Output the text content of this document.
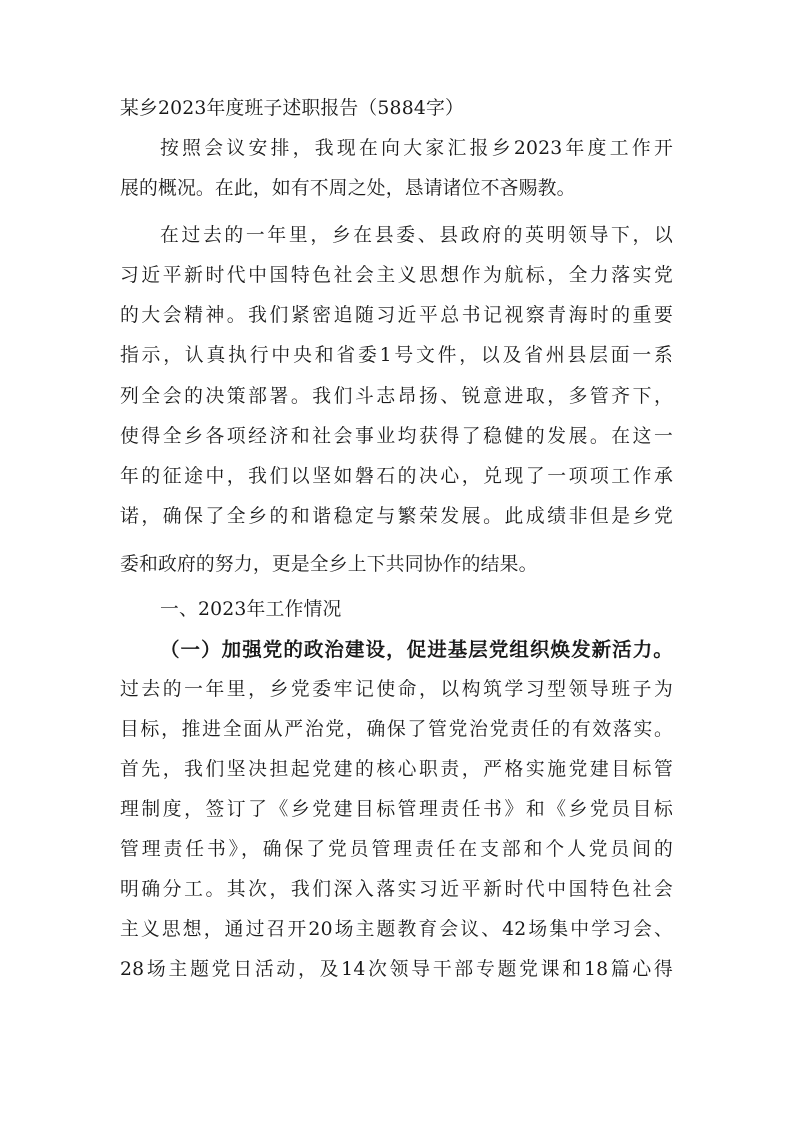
某乡2023年度班子述职报告（5884字）

按照会议安排，我现在向大家汇报乡2023年度工作开

展的概况。在此，如有不周之处，恳请诸位不吝赐教。

在过去的一年里，乡在县委、县政府的英明领导下，以

习近平新时代中国特色社会主义思想作为航标，全力落实党

的大会精神。我们紧密追随习近平总书记视察青海时的重要

指示，认真执行中央和省委1号文件，以及省州县层面一系

列全会的决策部署。我们斗志昂扬、锐意进取，多管齐下，

使得全乡各项经济和社会事业均获得了稳健的发展。在这一

年的征途中，我们以坚如磐石的决心，兑现了一项项工作承

诺，确保了全乡的和谐稳定与繁荣发展。此成绩非但是乡党

委和政府的努力，更是全乡上下共同协作的结果。

一、2023年工作情况

（一）加强党的政治建设，促进基层党组织焕发新活力。

过去的一年里，乡党委牢记使命，以构筑学习型领导班子为

目标，推进全面从严治党，确保了管党治党责任的有效落实。

首先，我们坚决担起党建的核心职责，严格实施党建目标管

理制度，签订了《乡党建目标管理责任书》和《乡党员目标

管理责任书》，确保了党员管理责任在支部和个人党员间的

明确分工。其次，我们深入落实习近平新时代中国特色社会

主义思想，通过召开20场主题教育会议、42场集中学习会、

28场主题党日活动，及14次领导干部专题党课和18篇心得
